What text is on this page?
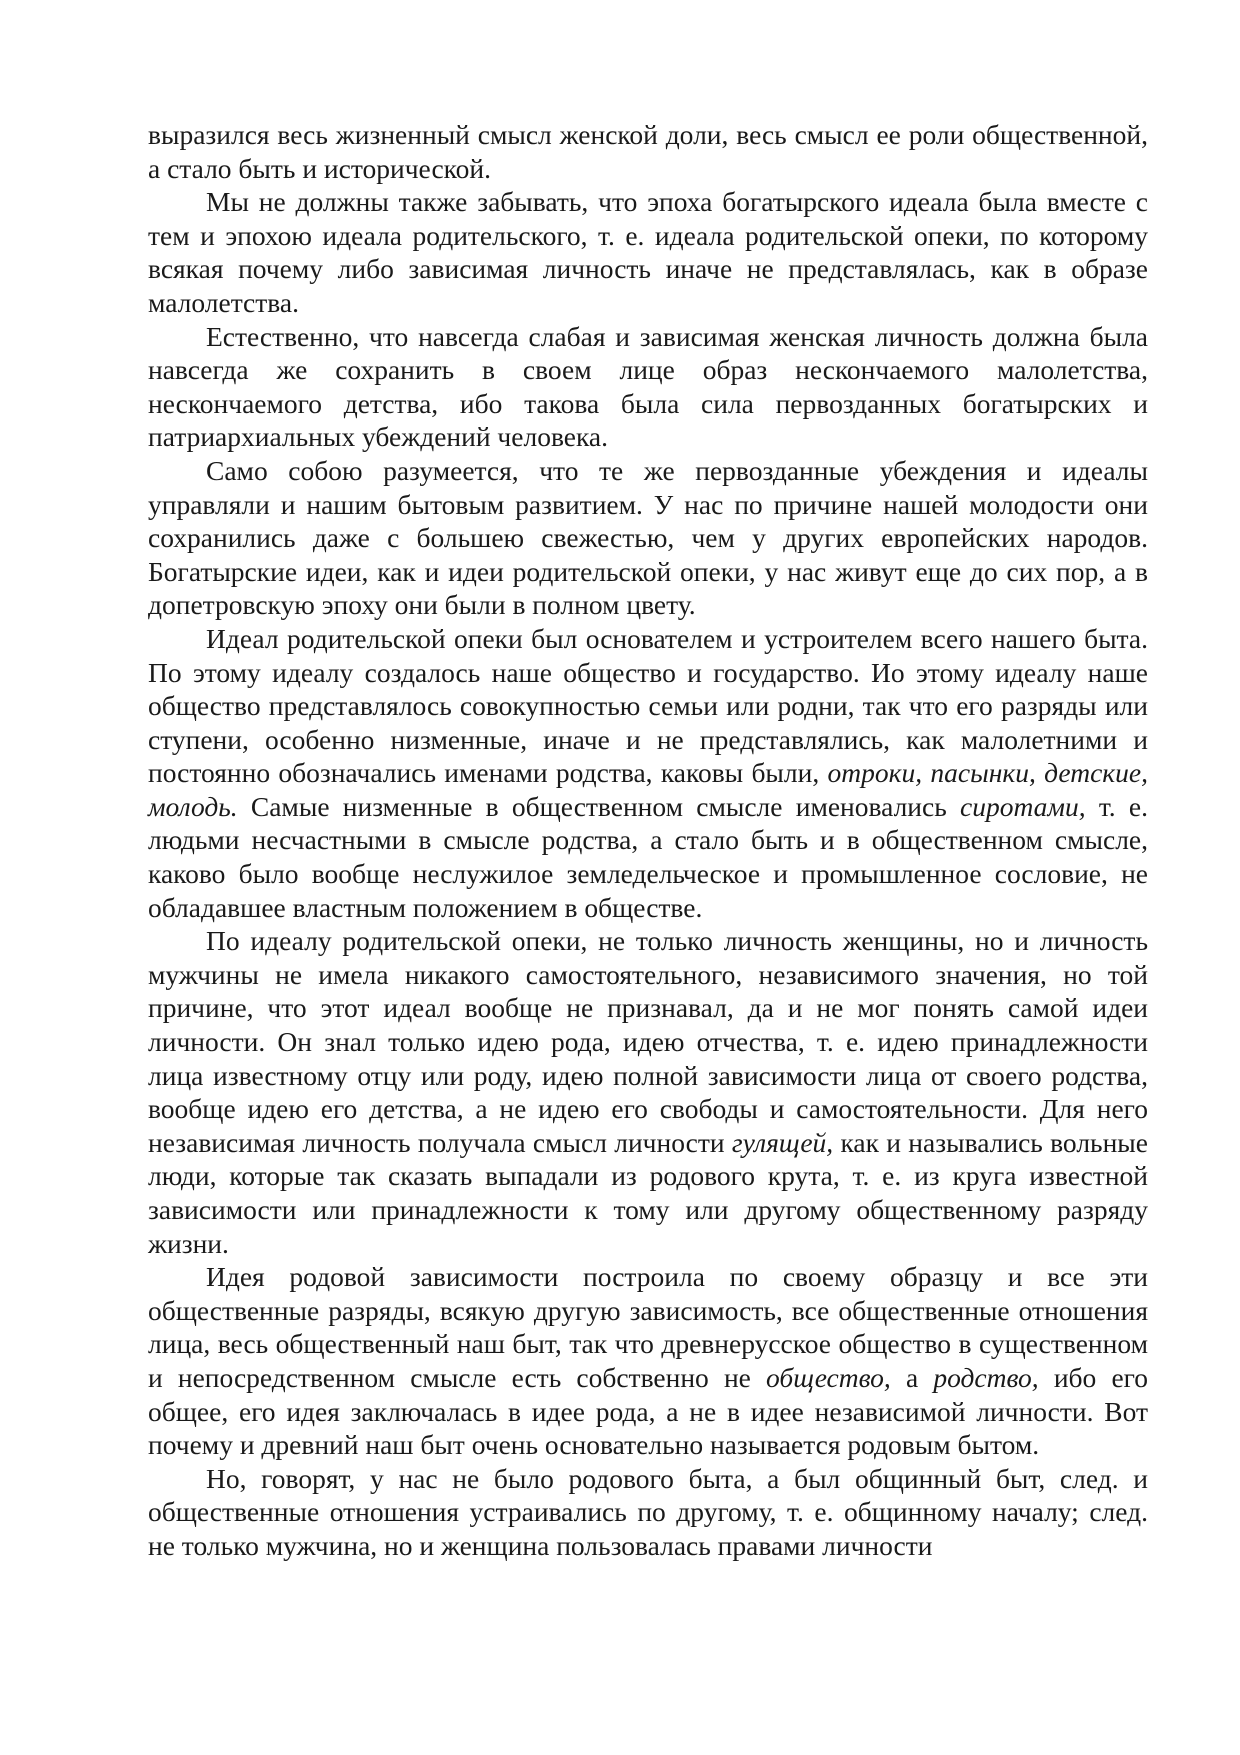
выразился весь жизненный смысл женской доли, весь смысл ее роли общественной, а стало быть и исторической.

Мы не должны также забывать, что эпоха богатырского идеала была вместе с тем и эпохою идеала родительского, т. е. идеала родительской опеки, по которому всякая почему либо зависимая личность иначе не представлялась, как в образе малолетства.

Естественно, что навсегда слабая и зависимая женская личность должна была навсегда же сохранить в своем лице образ нескончаемого малолетства, нескончаемого детства, ибо такова была сила первозданных богатырских и патриархиальных убеждений человека.

Само собою разумеется, что те же первозданные убеждения и идеалы управляли и нашим бытовым развитием. У нас по причине нашей молодости они сохранились даже с большею свежестью, чем у других европейских народов. Богатырские идеи, как и идеи родительской опеки, у нас живут еще до сих пор, а в допетровскую эпоху они были в полном цвету.

Идеал родительской опеки был основателем и устроителем всего нашего быта. По этому идеалу создалось наше общество и государство. Ио этому идеалу наше общество представлялось совокупностью семьи или родни, так что его разряды или ступени, особенно низменные, иначе и не представлялись, как малолетними и постоянно обозначались именами родства, каковы были, отроки, пасынки, детские, молодь. Самые низменные в общественном смысле именовались сиротами, т. е. людьми несчастными в смысле родства, а стало быть и в общественном смысле, каково было вообще неслужилое земледельческое и промышленное сословие, не обладавшее властным положением в обществе.

По идеалу родительской опеки, не только личность женщины, но и личность мужчины не имела никакого самостоятельного, независимого значения, но той причине, что этот идеал вообще не признавал, да и не мог понять самой идеи личности. Он знал только идею рода, идею отчества, т. е. идею принадлежности лица известному отцу или роду, идею полной зависимости лица от своего родства, вообще идею его детства, а не идею его свободы и самостоятельности. Для него независимая личность получала смысл личности гулящей, как и назывались вольные люди, которые так сказать выпадали из родового крута, т. е. из круга известной зависимости или принадлежности к тому или другому общественному разряду жизни.

Идея родовой зависимости построила по своему образцу и все эти общественные разряды, всякую другую зависимость, все общественные отношения лица, весь общественный наш быт, так что древнерусское общество в существенном и непосредственном смысле есть собственно не общество, а родство, ибо его общее, его идея заключалась в идее рода, а не в идее независимой личности. Вот почему и древний наш быт очень основательно называется родовым бытом.

Но, говорят, у нас не было родового быта, а был общинный быт, след. и общественные отношения устраивались по другому, т. е. общинному началу; след. не только мужчина, но и женщина пользовалась правами личности
